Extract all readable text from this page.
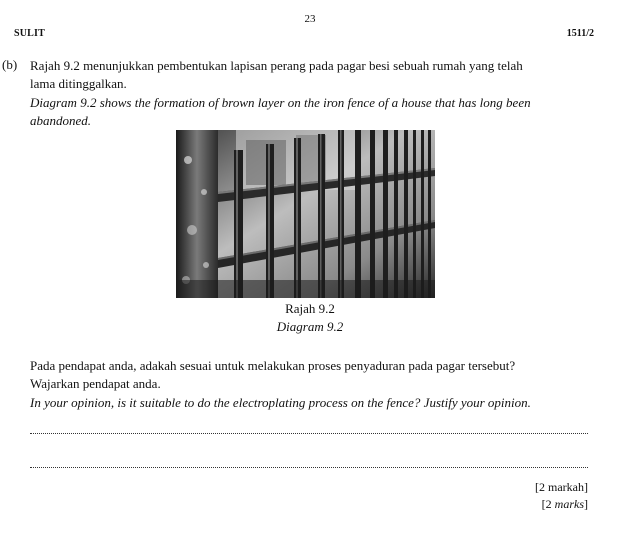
23
SULIT	1511/2
(b) Rajah 9.2 menunjukkan pembentukan lapisan perang pada pagar besi sebuah rumah yang telah
lama ditinggalkan.
Diagram 9.2 shows the formation of brown layer on the iron fence of a house that has long been
abandoned.
Rajah 9.2
Diagram 9.2
Pada pendapat anda, adakah sesuai untuk melakukan proses penyaduran pada pagar tersebut?
Wajarkan pendapat anda.
In your opinion, is it suitable to do the electroplating process on the fence? Justify your opinion.
[2 markah]
[2 marks]
